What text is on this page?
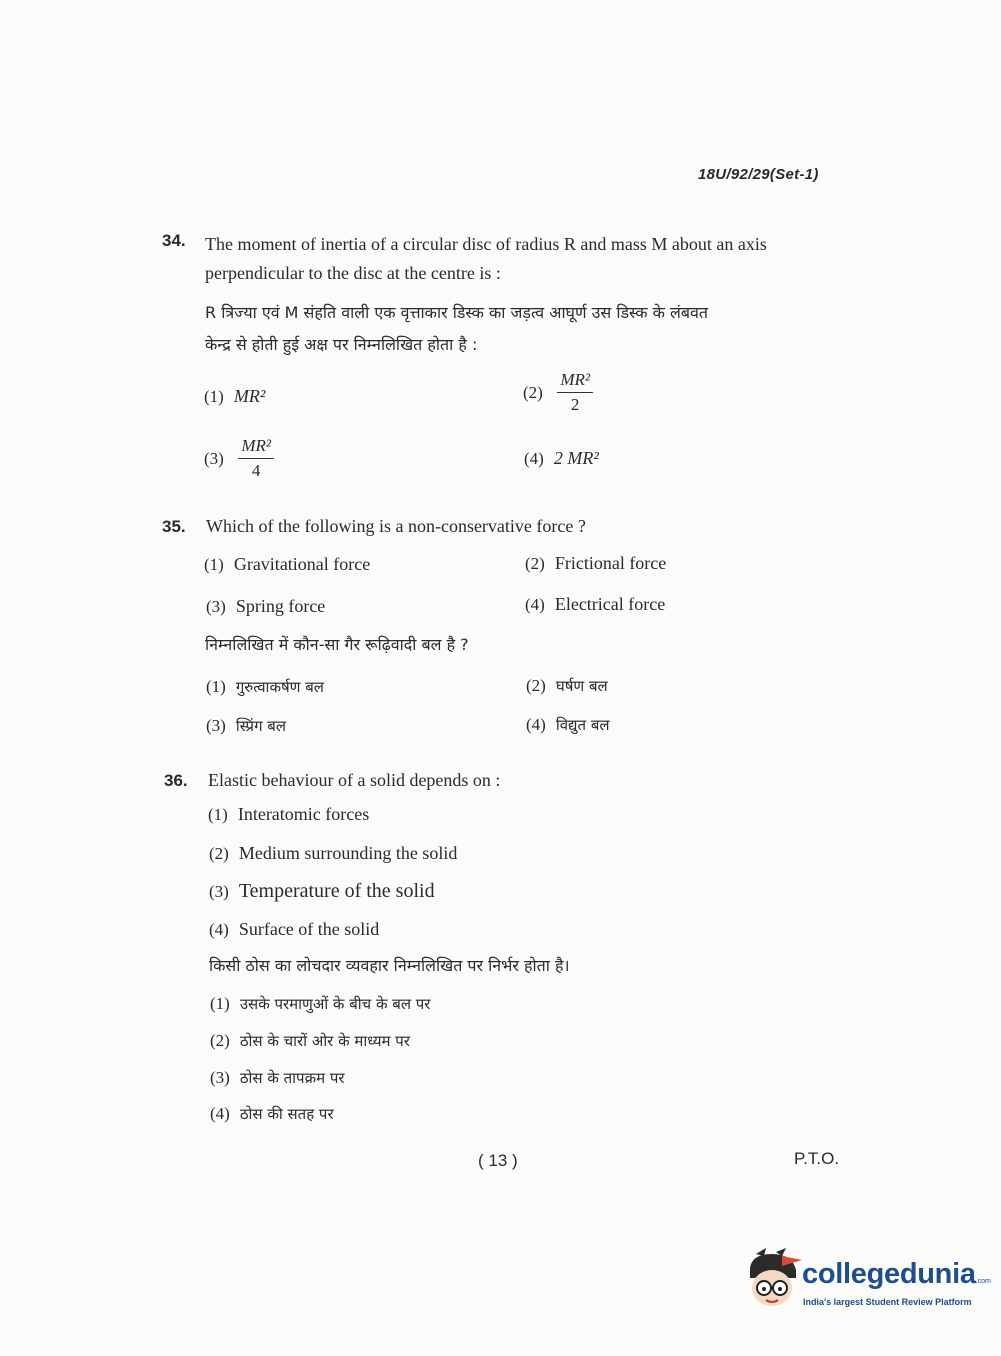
18U/92/29(Set-1)
34. The moment of inertia of a circular disc of radius R and mass M about an axis perpendicular to the disc at the centre is :
R त्रिज्या एवं M संहति वाली एक वृत्ताकार डिस्क का जड़त्व आघूर्ण उस डिस्क के लंबवत
केन्द्र से होती हुई अक्ष पर निम्नलिखित होता है :
(1) MR²	$(2) \frac{\text{MR²}}{2}$
$(3) \frac{\text{MR²}}{4}$	(4) 2 MR²
35. Which of the following is a non-conservative force ?
(1) Gravitational force	(2) Frictional force
(3) Spring force	(4) Electrical force
निम्नलिखित में कौन-सा गैर रूढ़िवादी बल है ?
(1) गुरुत्वाकर्षण बल	(2) घर्षण बल
(3) स्प्रिंग बल	(4) विद्युत बल
36. Elastic behaviour of a solid depends on :
(1) Interatomic forces
(2) Medium surrounding the solid
(3) Temperature of the solid
(4) Surface of the solid
किसी ठोस का लोचदार व्यवहार निम्नलिखित पर निर्भर होता है।
(1) उसके परमाणुओं के बीच के बल पर
(2) ठोस के चारों ओर के माध्यम पर
(3) ठोस के तापक्रम पर
(4) ठोस की सतह पर
( 13 )	P.T.O.
collegedunia.com
India's largest Student Review Platform
